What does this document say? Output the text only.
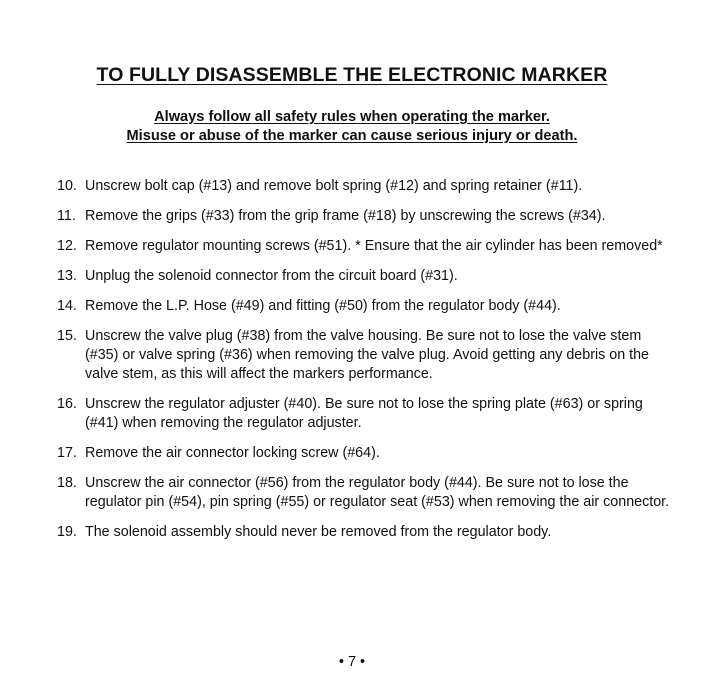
TO FULLY DISASSEMBLE THE ELECTRONIC MARKER
Always follow all safety rules when operating the marker.
Misuse or abuse of the marker can cause serious injury or death.
10. Unscrew bolt cap (#13) and remove bolt spring (#12) and spring retainer (#11).
11. Remove the grips (#33) from the grip frame (#18) by unscrewing the screws (#34).
12. Remove regulator mounting screws (#51). * Ensure that the air cylinder has been removed*
13. Unplug the solenoid connector from the circuit board (#31).
14. Remove the L.P. Hose (#49) and fitting (#50) from the regulator body (#44).
15. Unscrew the valve plug (#38) from the valve housing. Be sure not to lose the valve stem (#35) or valve spring (#36) when removing the valve plug. Avoid getting any debris on the valve stem, as this will affect the markers performance.
16. Unscrew the regulator adjuster (#40). Be sure not to lose the spring plate (#63) or spring (#41) when removing the regulator adjuster.
17. Remove the air connector locking screw (#64).
18. Unscrew the air connector (#56) from the regulator body (#44). Be sure not to lose the regulator pin (#54), pin spring (#55) or regulator seat (#53) when removing the air connector.
19. The solenoid assembly should never be removed from the regulator body.
• 7 •
